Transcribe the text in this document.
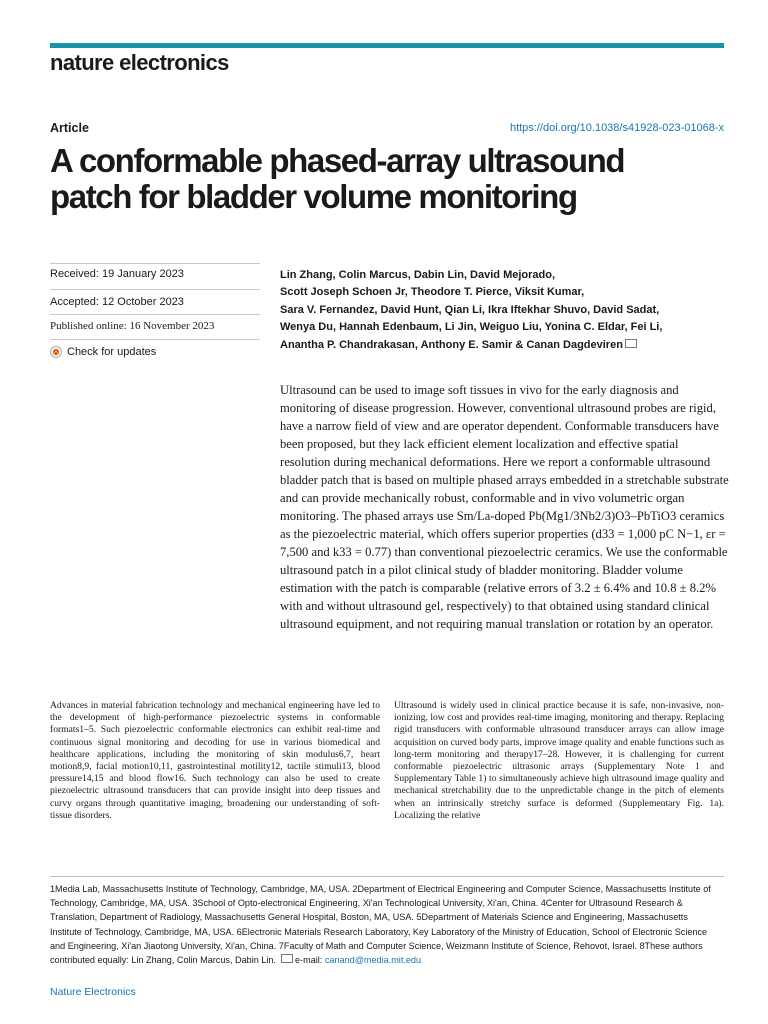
nature electronics
Article	https://doi.org/10.1038/s41928-023-01068-x
A conformable phased-array ultrasound
patch for bladder volume monitoring
Received: 19 January 2023
Accepted: 12 October 2023
Published online: 16 November 2023
Check for updates
Lin Zhang, Colin Marcus, Dabin Lin, David Mejorado,
Scott Joseph Schoen Jr, Theodore T. Pierce, Viksit Kumar,
Sara V. Fernandez, David Hunt, Qian Li, Ikra Iftekhar Shuvo, David Sadat,
Wenya Du, Hannah Edenbaum, Li Jin, Weiguo Liu, Yonina C. Eldar, Fei Li,
Anantha P. Chandrakasan, Anthony E. Samir & Canan Dagdeviren

Ultrasound can be used to image soft tissues in vivo for the early diagnosis and monitoring of disease progression. However, conventional ultrasound probes are rigid, have a narrow field of view and are operator dependent. Conformable transducers have been proposed, but they lack efficient element localization and effective spatial resolution during mechanical deformations. Here we report a conformable ultrasound bladder patch that is based on multiple phased arrays embedded in a stretchable substrate and can provide mechanically robust, conformable and in vivo volumetric organ monitoring. The phased arrays use Sm/La-doped Pb(Mg1/3Nb2/3)O3–PbTiO3 ceramics as the piezoelectric material, which offers superior properties (d33 = 1,000 pC N−1, εr = 7,500 and k33 = 0.77) than conventional piezoelectric ceramics. We use the conformable ultrasound patch in a pilot clinical study of bladder monitoring. Bladder volume estimation with the patch is comparable (relative errors of 3.2 ± 6.4% and 10.8 ± 8.2% with and without ultrasound gel, respectively) to that obtained using standard clinical ultrasound equipment, and not requiring manual translation or rotation by an operator.

Advances in material fabrication technology and mechanical engineering have led to the development of high-performance piezoelectric systems in conformable formats1–5. Such piezoelectric conformable electronics can exhibit real-time and continuous signal monitoring and decoding for use in various biomedical and healthcare applications, including the monitoring of skin modulus6,7, heart motion8,9, facial motion10,11, gastrointestinal motility12, tactile stimuli13, blood pressure14,15 and blood flow16. Such technology can also be used to create piezoelectric ultrasound transducers that can provide insight into deep tissues and curvy organs through quantitative imaging, broadening our understanding of soft-tissue disorders.

Ultrasound is widely used in clinical practice because it is safe, non-invasive, non-ionizing, low cost and provides real-time imaging, monitoring and therapy. Replacing rigid transducers with conformable ultrasound transducer arrays can allow image acquisition on curved body parts, improve image quality and enable functions such as long-term monitoring and therapy17–28. However, it is challenging for current conformable piezoelectric ultrasonic arrays (Supplementary Note 1 and Supplementary Table 1) to simultaneously achieve high ultrasound image quality and mechanical stretchability due to the unpredictable change in the pitch of elements when an intrinsically stretchy surface is deformed (Supplementary Fig. 1a). Localizing the relative

1Media Lab, Massachusetts Institute of Technology, Cambridge, MA, USA. 2Department of Electrical Engineering and Computer Science, Massachusetts Institute of Technology, Cambridge, MA, USA. 3School of Opto-electronical Engineering, Xi'an Technological University, Xi'an, China. 4Center for Ultrasound Research & Translation, Department of Radiology, Massachusetts General Hospital, Boston, MA, USA. 5Department of Materials Science and Engineering, Massachusetts Institute of Technology, Cambridge, MA, USA. 6Electronic Materials Research Laboratory, Key Laboratory of the Ministry of Education, School of Electronic Science and Engineering, Xi'an Jiaotong University, Xi'an, China. 7Faculty of Math and Computer Science, Weizmann Institute of Science, Rehovot, Israel. 8These authors contributed equally: Lin Zhang, Colin Marcus, Dabin Lin. e-mail: canand@media.mit.edu

Nature Electronics
